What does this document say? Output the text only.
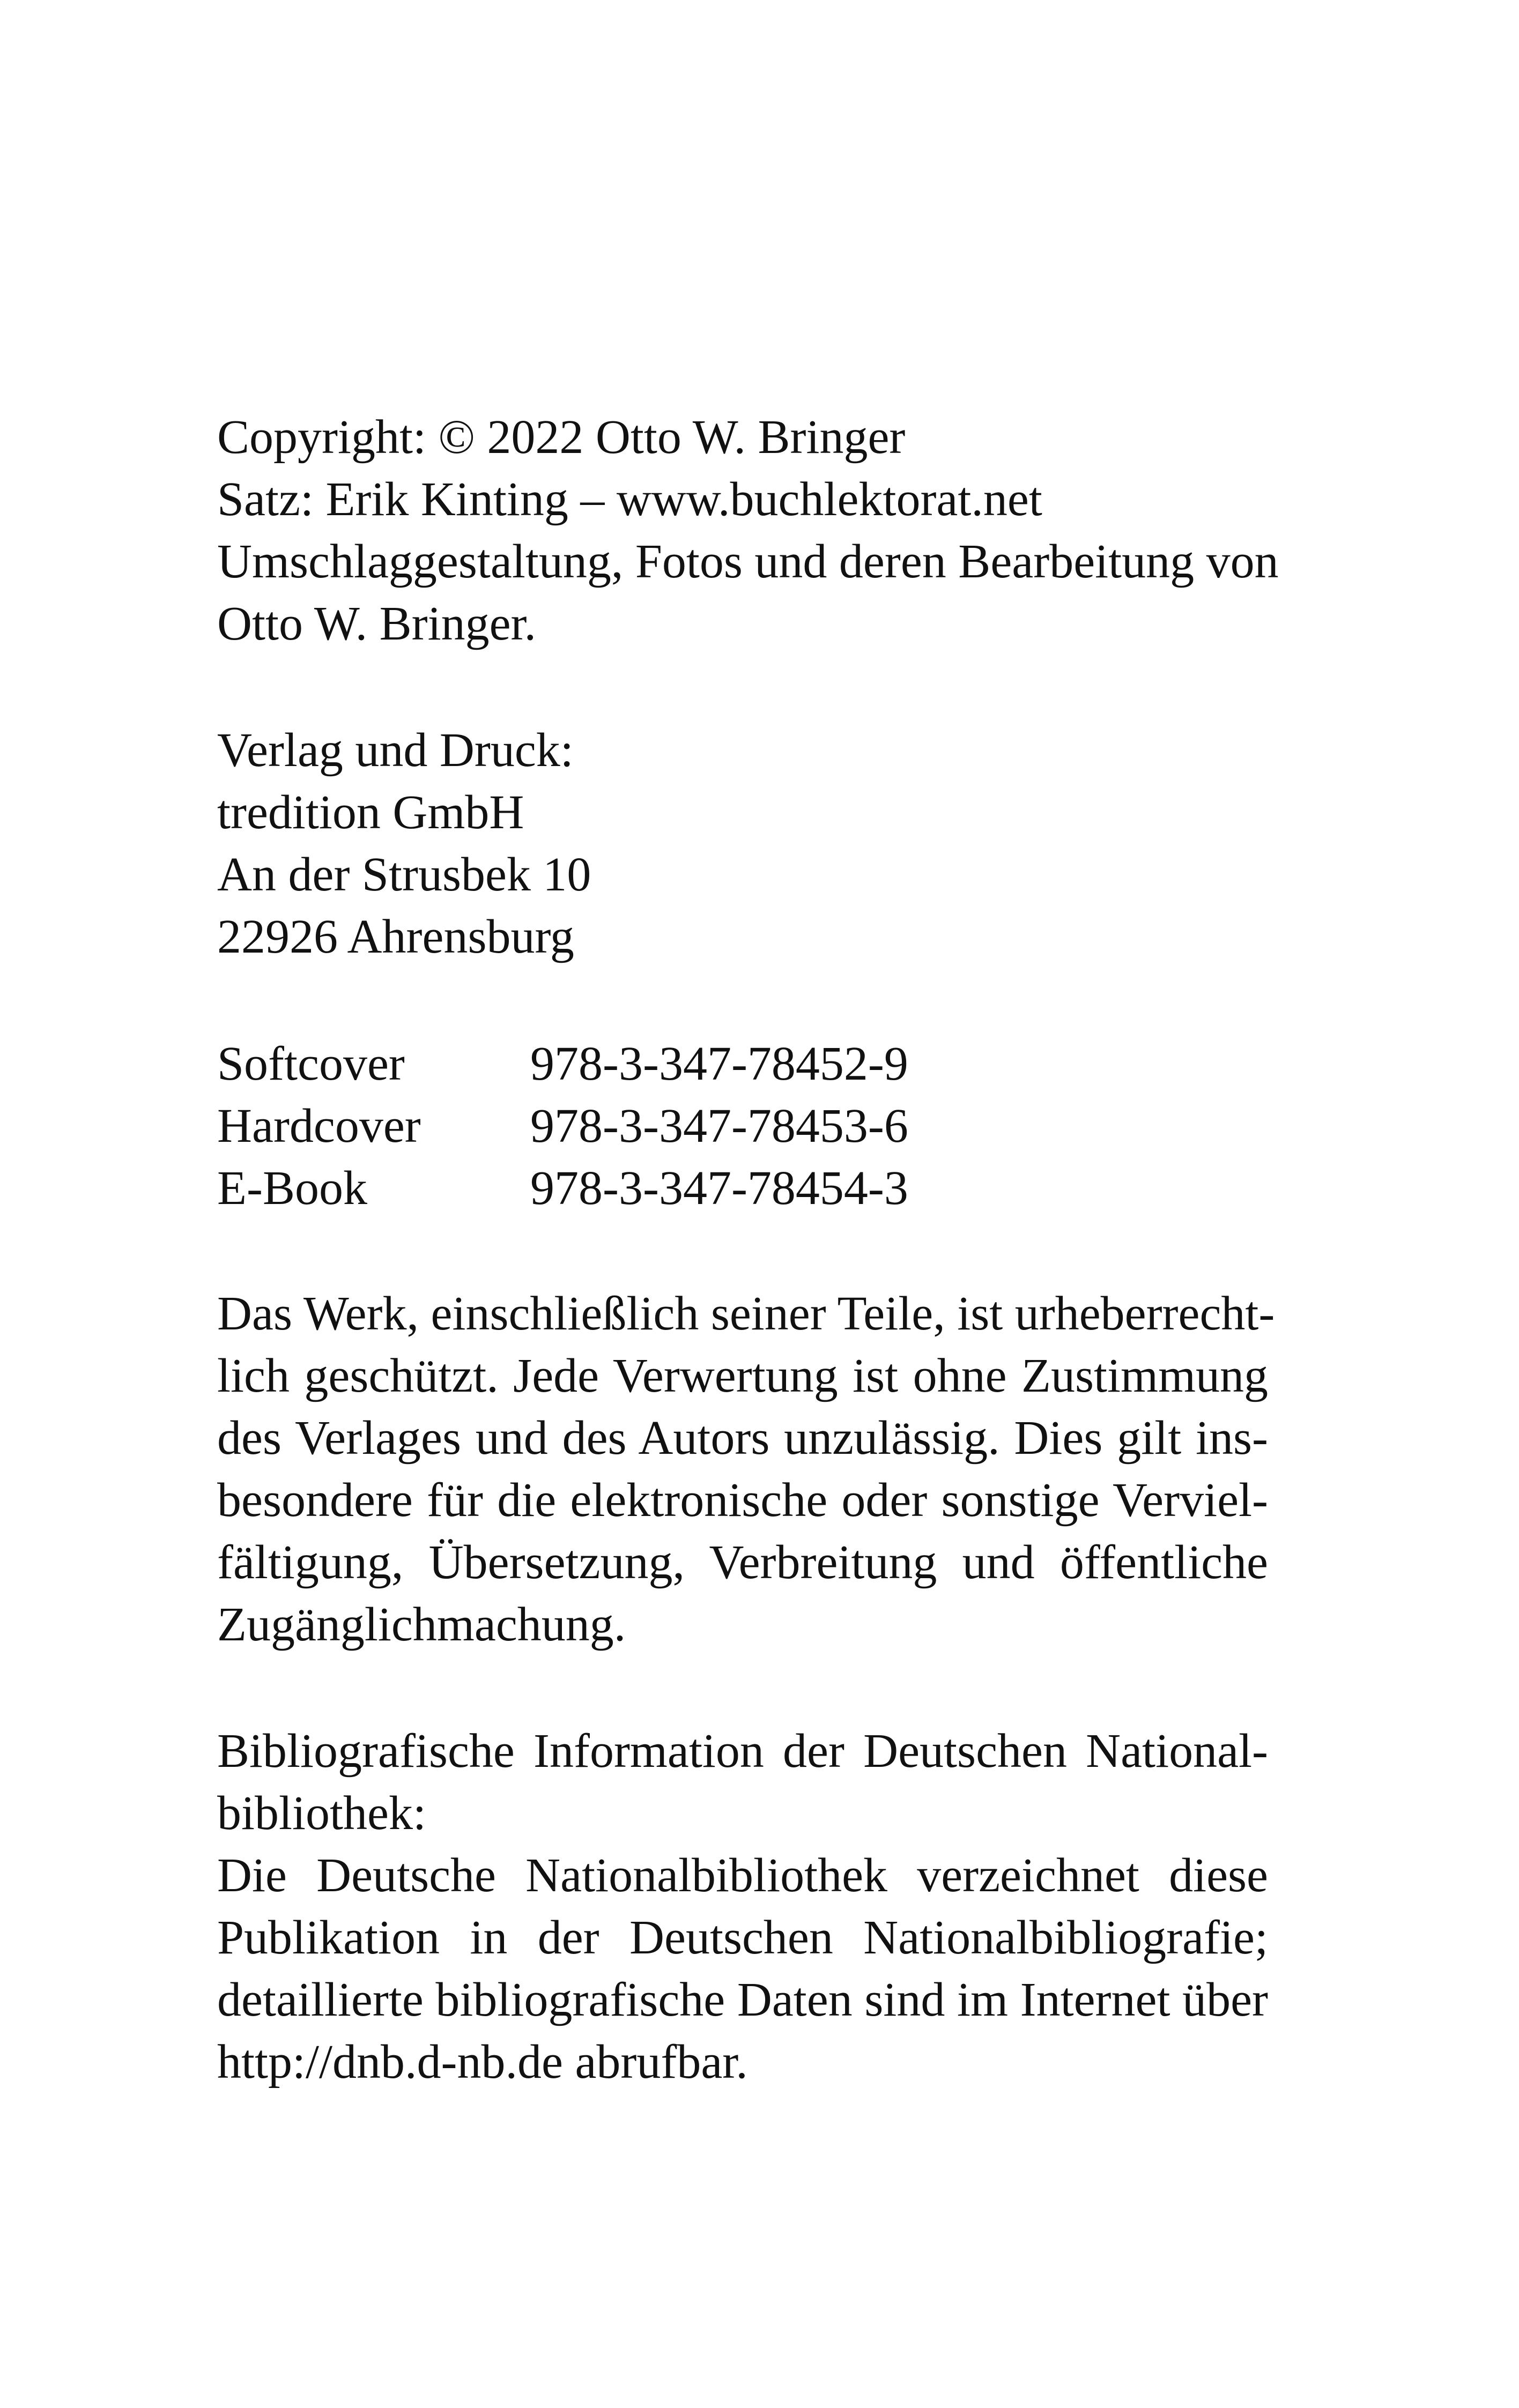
Copyright: © 2022 Otto W. Bringer
Satz: Erik Kinting – www.buchlektorat.net
Umschlaggestaltung, Fotos und deren Bearbeitung von
Otto W. Bringer.
Verlag und Druck:
tredition GmbH
An der Strusbek 10
22926 Ahrensburg
Softcover	978-3-347-78452-9
Hardcover	978-3-347-78453-6
E-Book	978-3-347-78454-3
Das Werk, einschließlich seiner Teile, ist urheberrecht-
lich geschützt. Jede Verwertung ist ohne Zustimmung
des Verlages und des Autors unzulässig. Dies gilt ins-
besondere für die elektronische oder sonstige Verviel-
fältigung, Übersetzung, Verbreitung und öffentliche
Zugänglichmachung.
Bibliografische Information der Deutschen National-
bibliothek:
Die Deutsche Nationalbibliothek verzeichnet diese
Publikation in der Deutschen Nationalbibliografie;
detaillierte bibliografische Daten sind im Internet über
http://dnb.d-nb.de abrufbar.
